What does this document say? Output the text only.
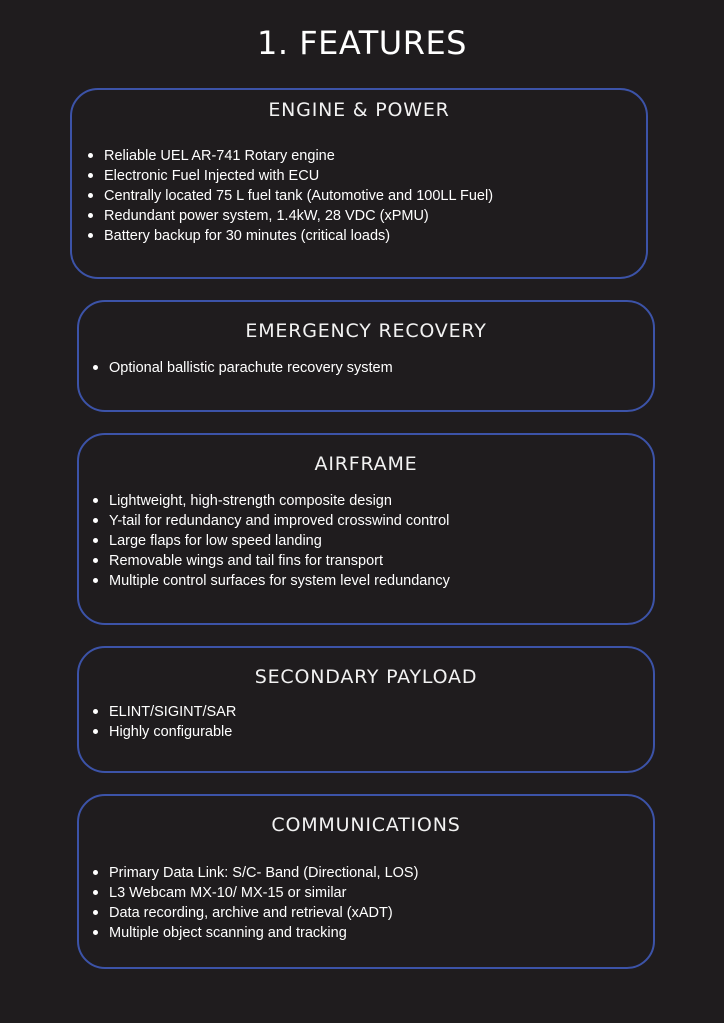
1. FEATURES
ENGINE & POWER
Reliable UEL AR-741 Rotary engine
Electronic Fuel Injected with ECU
Centrally located 75 L fuel tank (Automotive and 100LL Fuel)
Redundant power system, 1.4kW, 28 VDC (xPMU)
Battery backup for 30 minutes (critical loads)
EMERGENCY RECOVERY
Optional ballistic parachute recovery system
AIRFRAME
Lightweight, high-strength composite design
Y-tail for redundancy and improved crosswind control
Large flaps for low speed landing
Removable wings and tail fins for transport
Multiple control surfaces for system level redundancy
SECONDARY PAYLOAD
ELINT/SIGINT/SAR
Highly configurable
COMMUNICATIONS
Primary Data Link: S/C- Band (Directional, LOS)
L3 Webcam MX-10/ MX-15 or similar
Data recording, archive and retrieval (xADT)
Multiple object scanning and tracking
